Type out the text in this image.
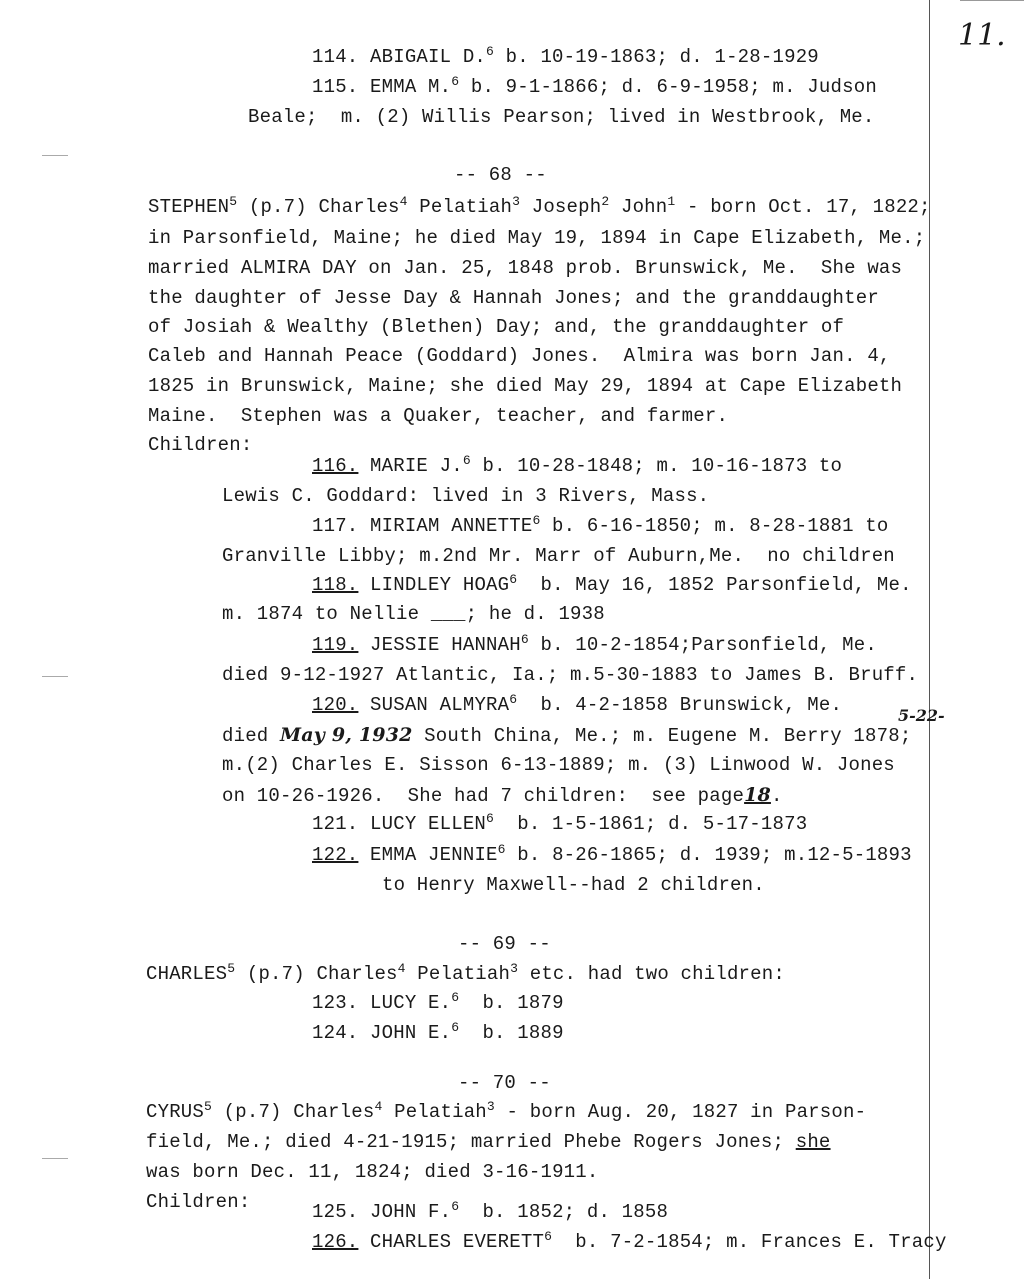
11.
5-22-
114. ABIGAIL D.$^6$ b. 10-19-1863; d. 1-28-1929
115. EMMA M.$^6$ b. 9-1-1866; d. 6-9-1958; m. Judson
Beale;  m. (2) Willis Pearson; lived in Westbrook, Me.
-- 68 --
STEPHEN$^5$ (p.7) Charles$^4$ Pelatiah$^3$ Joseph$^2$ John$^1$ - born Oct. 17, 1822;
in Parsonfield, Maine; he died May 19, 1894 in Cape Elizabeth, Me.;
married ALMIRA DAY on Jan. 25, 1848 prob. Brunswick, Me.  She was
the daughter of Jesse Day & Hannah Jones; and the granddaughter
of Josiah & Wealthy (Blethen) Day; and, the granddaughter of
Caleb and Hannah Peace (Goddard) Jones.  Almira was born Jan. 4,
1825 in Brunswick, Maine; she died May 29, 1894 at Cape Elizabeth
Maine.  Stephen was a Quaker, teacher, and farmer.
Children:
116. MARIE J.$^6$ b. 10-28-1848; m. 10-16-1873 to
Lewis C. Goddard: lived in 3 Rivers, Mass.
117. MIRIAM ANNETTE$^6$ b. 6-16-1850; m. 8-28-1881 to
Granville Libby; m.2nd Mr. Marr of Auburn,Me.  no children
118. LINDLEY HOAG$^6$  b. May 16, 1852 Parsonfield, Me.
m. 1874 to Nellie ___; he d. 1938
119. JESSIE HANNAH$^6$ b. 10-2-1854;Parsonfield, Me.
died 9-12-1927 Atlantic, Ia.; m.5-30-1883 to James B. Bruff.
120. SUSAN ALMYRA$^6$  b. 4-2-1858 Brunswick, Me.
died May 9, 1932 South China, Me.; m. Eugene M. Berry 1878;
m.(2) Charles E. Sisson 6-13-1889; m. (3) Linwood W. Jones
on 10-26-1926.  She had 7 children:  see page18.
121. LUCY ELLEN$^6$  b. 1-5-1861; d. 5-17-1873
122. EMMA JENNIE$^6$ b. 8-26-1865; d. 1939; m.12-5-1893
to Henry Maxwell--had 2 children.
-- 69 --
CHARLES$^5$ (p.7) Charles$^4$ Pelatiah$^3$ etc. had two children:
123. LUCY E.$^6$  b. 1879
124. JOHN E.$^6$  b. 1889
-- 70 --
CYRUS$^5$ (p.7) Charles$^4$ Pelatiah$^3$ - born Aug. 20, 1827 in Parson-
field, Me.; died 4-21-1915; married Phebe Rogers Jones; she
was born Dec. 11, 1824; died 3-16-1911.
Children:	125. JOHN F.$^6$  b. 1852; d. 1858
126. CHARLES EVERETT$^6$  b. 7-2-1854; m. Frances E. Tracy
